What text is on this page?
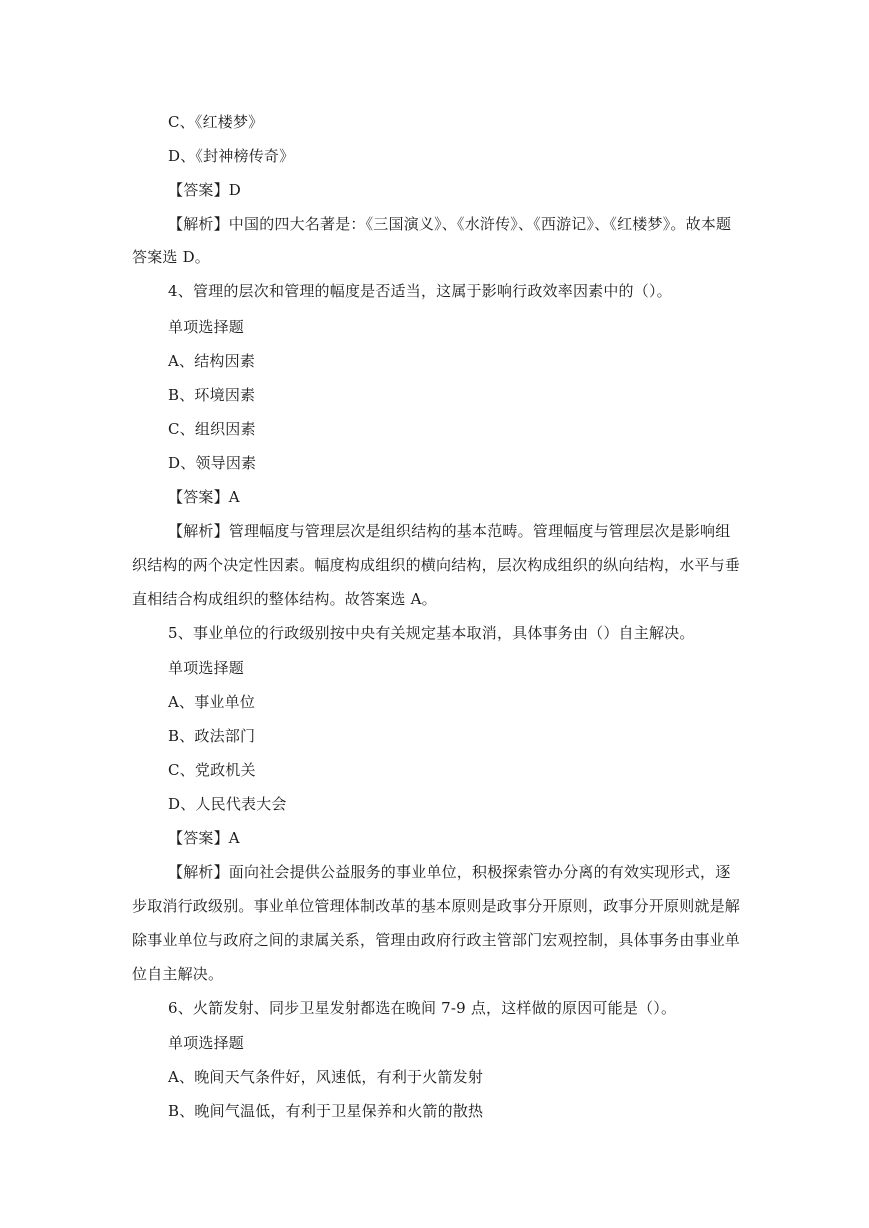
C、《红楼梦》
D、《封神榜传奇》
【答案】D
【解析】中国的四大名著是：《三国演义》、《水浒传》、《西游记》、《红楼梦》。故本题
答案选 D。
4、管理的层次和管理的幅度是否适当，这属于影响行政效率因素中的（）。
单项选择题
A、结构因素
B、环境因素
C、组织因素
D、领导因素
【答案】A
【解析】管理幅度与管理层次是组织结构的基本范畴。管理幅度与管理层次是影响组
织结构的两个决定性因素。幅度构成组织的横向结构，层次构成组织的纵向结构，水平与垂
直相结合构成组织的整体结构。故答案选 A。
5、事业单位的行政级别按中央有关规定基本取消，具体事务由（）自主解决。
单项选择题
A、事业单位
B、政法部门
C、党政机关
D、人民代表大会
【答案】A
【解析】面向社会提供公益服务的事业单位，积极探索管办分离的有效实现形式，逐
步取消行政级别。事业单位管理体制改革的基本原则是政事分开原则，政事分开原则就是解
除事业单位与政府之间的隶属关系，管理由政府行政主管部门宏观控制，具体事务由事业单
位自主解决。
6、火箭发射、同步卫星发射都选在晚间 7-9 点，这样做的原因可能是（）。
单项选择题
A、晚间天气条件好，风速低，有利于火箭发射
B、晚间气温低，有利于卫星保养和火箭的散热
